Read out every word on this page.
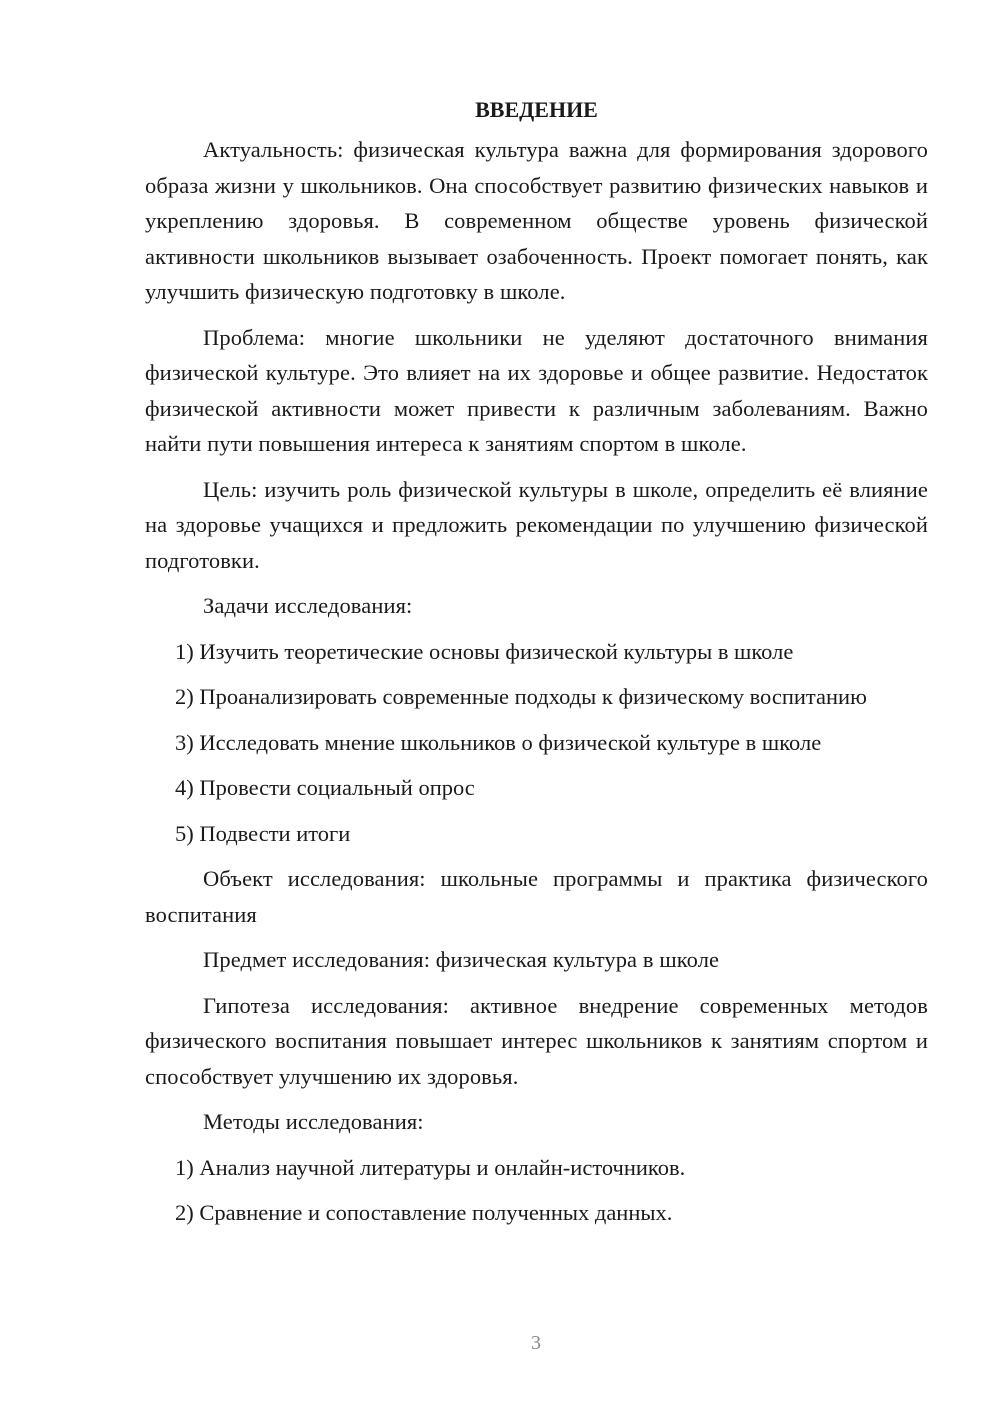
ВВЕДЕНИЕ

Актуальность: физическая культура важна для формирования здорового образа жизни у школьников. Она способствует развитию физических навыков и укреплению здоровья. В современном обществе уровень физической активности школьников вызывает озабоченность. Проект помогает понять, как улучшить физическую подготовку в школе.

Проблема: многие школьники не уделяют достаточного внимания физической культуре. Это влияет на их здоровье и общее развитие. Недостаток физической активности может привести к различным заболеваниям. Важно найти пути повышения интереса к занятиям спортом в школе.

Цель: изучить роль физической культуры в школе, определить её влияние на здоровье учащихся и предложить рекомендации по улучшению физической подготовки.

Задачи исследования:

1) Изучить теоретические основы физической культуры в школе

2) Проанализировать современные подходы к физическому воспитанию

3) Исследовать мнение школьников о физической культуре в школе

4) Провести социальный опрос

5) Подвести итоги

Объект исследования: школьные программы и практика физического воспитания

Предмет исследования: физическая культура в школе

Гипотеза исследования: активное внедрение современных методов физического воспитания повышает интерес школьников к занятиям спортом и способствует улучшению их здоровья.

Методы исследования:

1) Анализ научной литературы и онлайн-источников.

2) Сравнение и сопоставление полученных данных.

3
